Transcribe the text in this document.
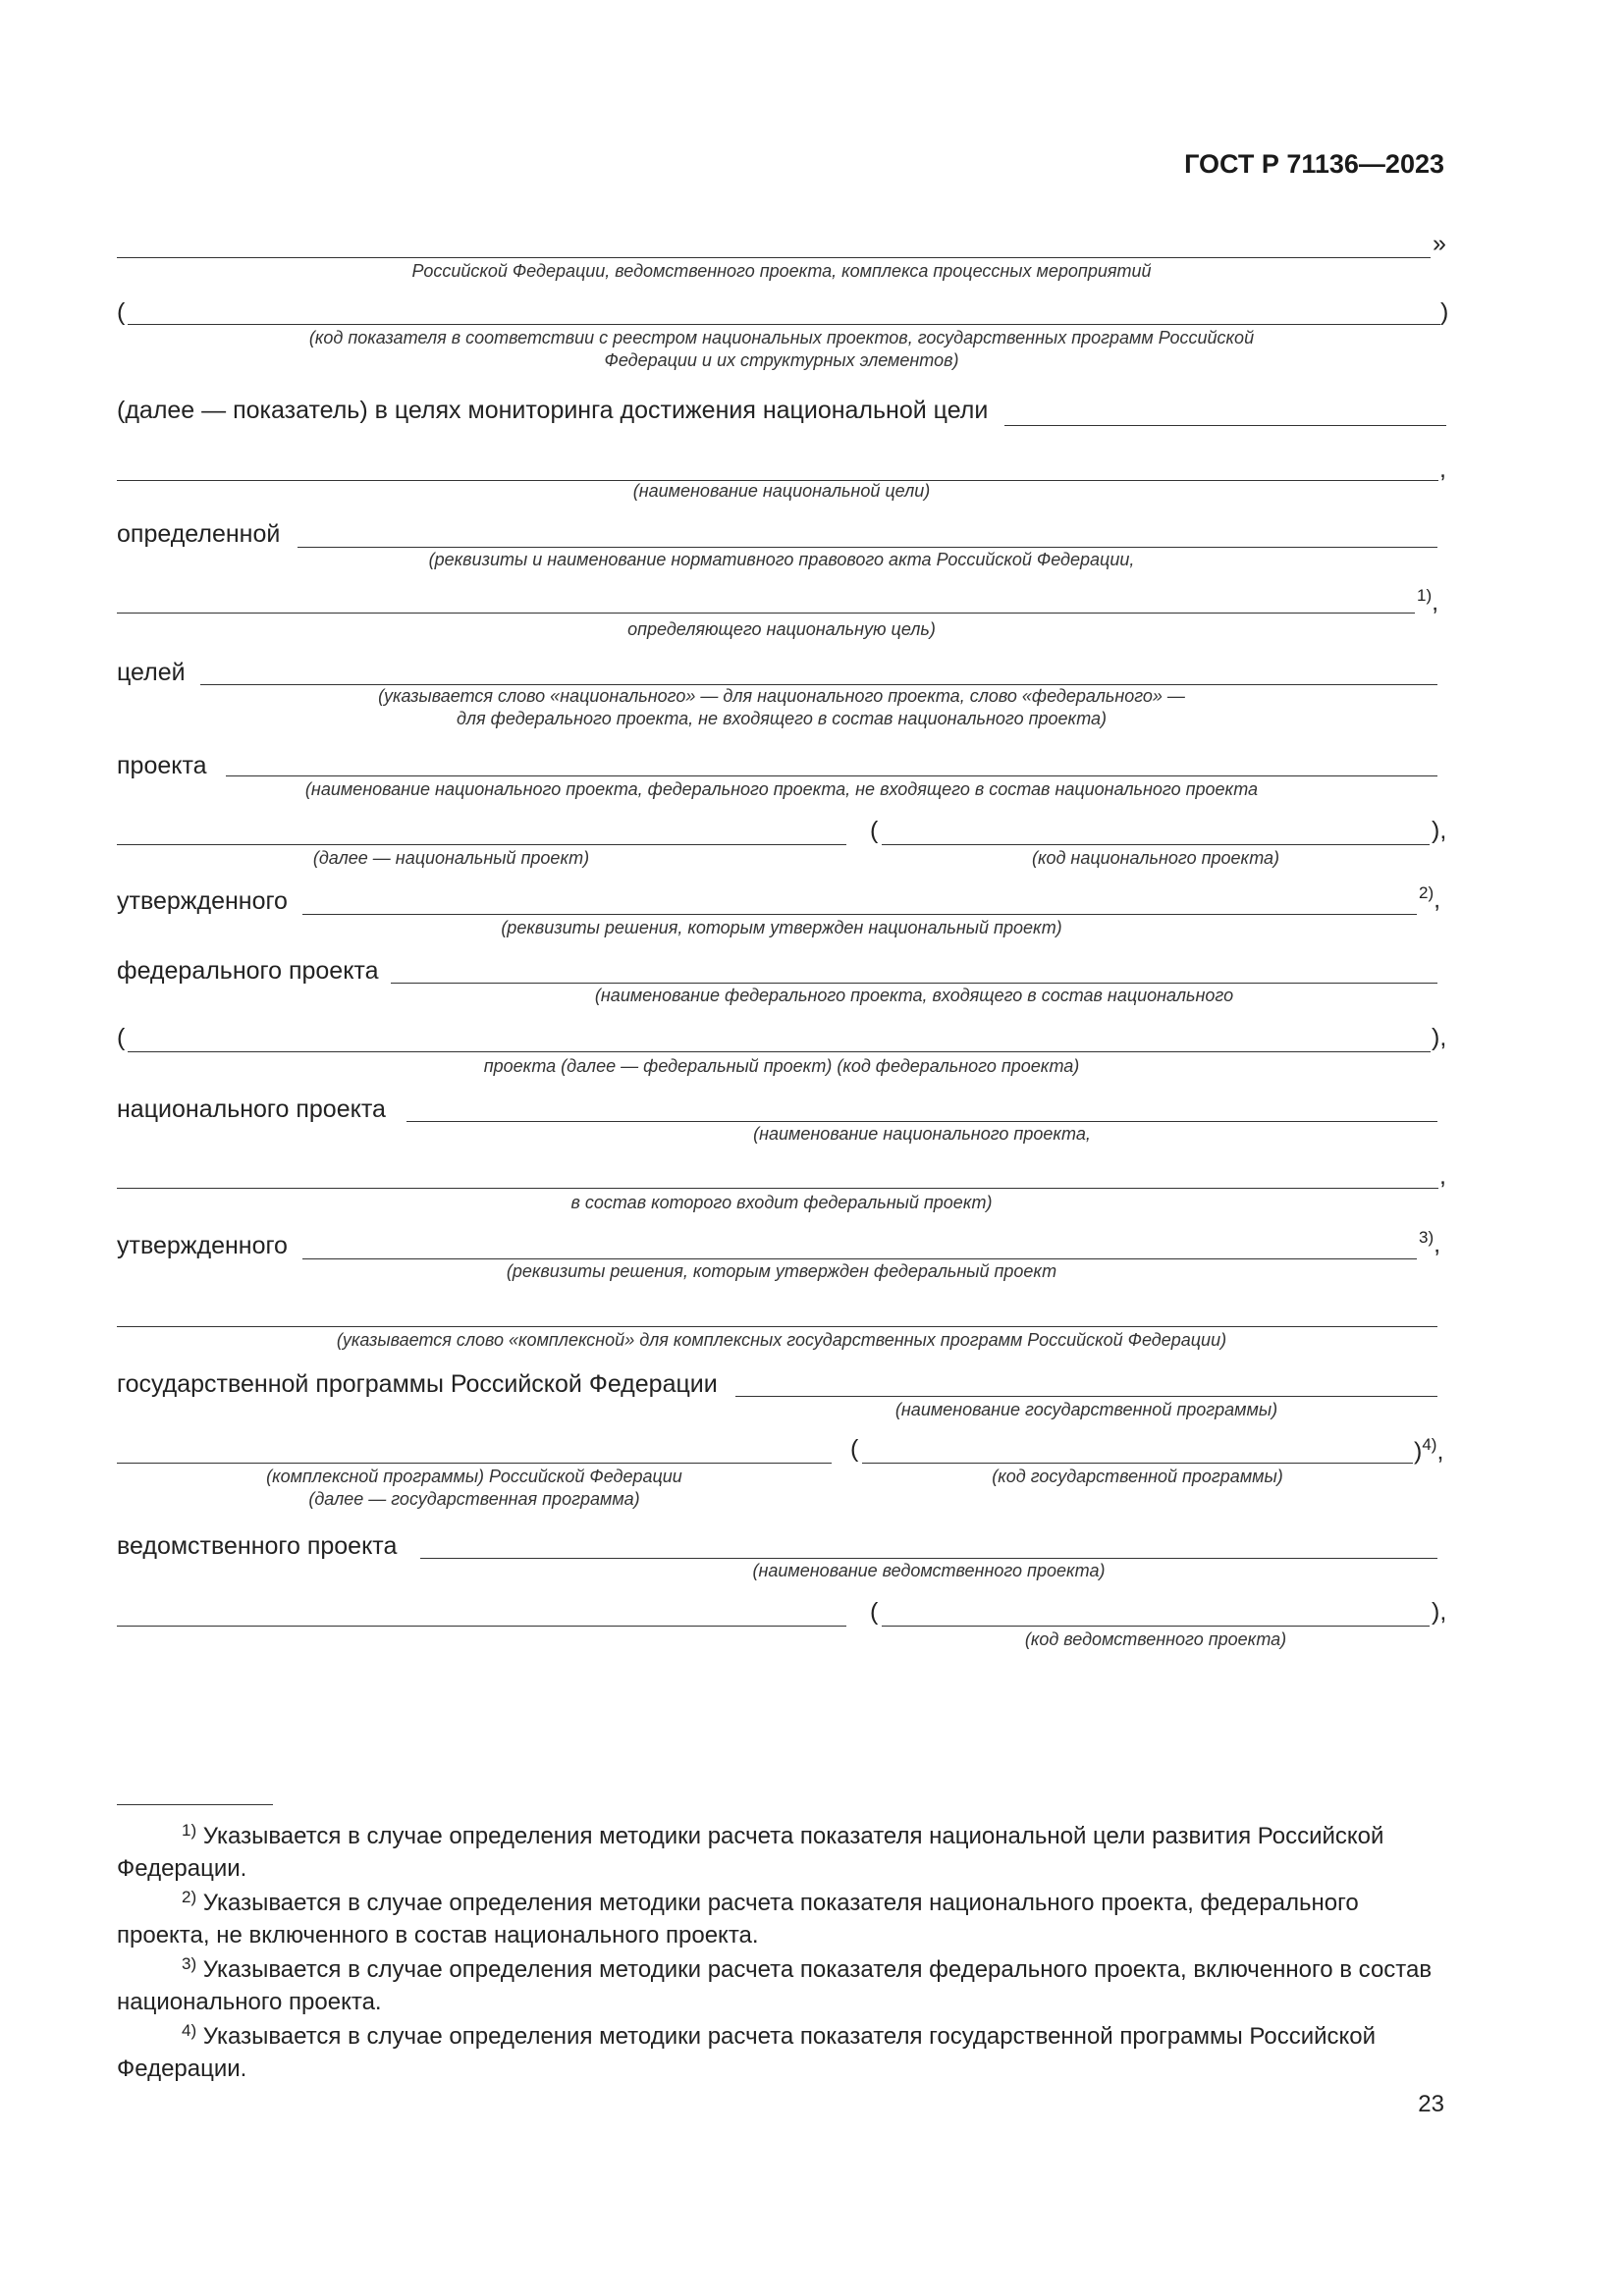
ГОСТ Р 71136—2023
»
Российской Федерации, ведомственного проекта, комплекса процессных мероприятий
(	)
(код показателя в соответствии с реестром национальных проектов, государственных программ Российской
Федерации и их структурных элементов)
(далее — показатель) в целях мониторинга достижения национальной цели
,
(наименование национальной цели)
определенной
(реквизиты и наименование нормативного правового акта Российской Федерации,
$^{1)}$,
определяющего национальную цель)
целей
(указывается слово «национального» — для национального проекта, слово «федерального» —
для федерального проекта, не входящего в состав национального проекта)
проекта
(наименование национального проекта, федерального проекта, не входящего в состав национального проекта
(	),
(далее — национальный проект)	(код национального проекта)
утвержденного	$^{2)}$,
(реквизиты решения, которым утвержден национальный проект)
федерального проекта
(наименование федерального проекта, входящего в состав национального
(	),
проекта (далее — федеральный проект) (код федерального проекта)
национального проекта
(наименование национального проекта,
,
в состав которого входит федеральный проект)
утвержденного	$^{3)}$,
(реквизиты решения, которым утвержден федеральный проект
(указывается слово «комплексной» для комплексных государственных программ Российской Федерации)
государственной программы Российской Федерации
(наименование государственной программы)
(	)$^{4)}$,
(комплексной программы) Российской Федерации
(далее — государственная программа)
(код государственной программы)
ведомственного проекта
(наименование ведомственного проекта)
(	),
(код ведомственного проекта)
$^{1)}$ Указывается в случае определения методики расчета показателя национальной цели развития Российской Федерации.
$^{2)}$ Указывается в случае определения методики расчета показателя национального проекта, федерального проекта, не включенного в состав национального проекта.
$^{3)}$ Указывается в случае определения методики расчета показателя федерального проекта, включенного в состав национального проекта.
$^{4)}$ Указывается в случае определения методики расчета показателя государственной программы Российской Федерации.
23
